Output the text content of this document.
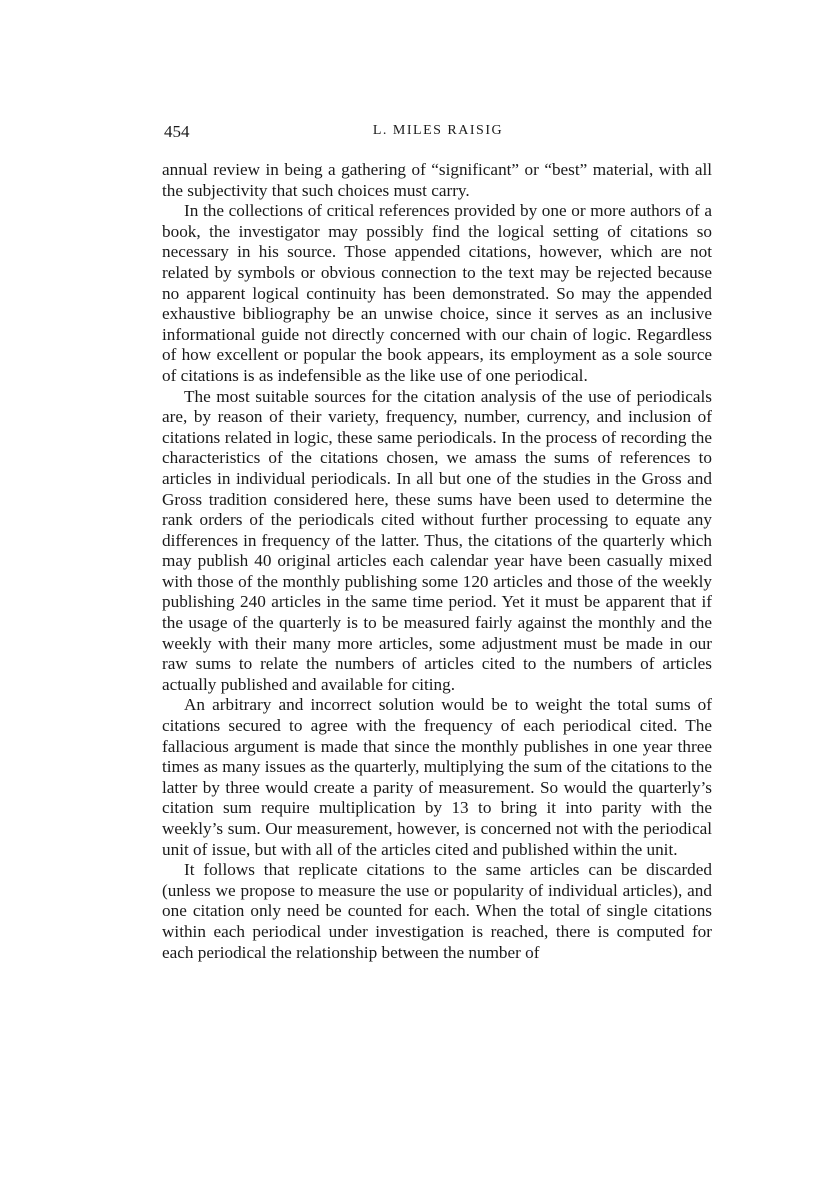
454	L. MILES RAISIG

annual review in being a gathering of “significant” or “best” material, with all the subjectivity that such choices must carry.

In the collections of critical references provided by one or more authors of a book, the investigator may possibly find the logical setting of citations so necessary in his source. Those appended citations, however, which are not related by symbols or obvious connection to the text may be rejected because no apparent logical continuity has been demonstrated. So may the appended exhaustive bibliography be an unwise choice, since it serves as an inclusive informational guide not directly concerned with our chain of logic. Regardless of how excellent or popular the book appears, its employment as a sole source of citations is as indefensible as the like use of one periodical.

The most suitable sources for the citation analysis of the use of periodicals are, by reason of their variety, frequency, number, currency, and inclusion of citations related in logic, these same periodicals. In the process of recording the characteristics of the citations chosen, we amass the sums of references to articles in individual periodicals. In all but one of the studies in the Gross and Gross tradition considered here, these sums have been used to determine the rank orders of the periodicals cited without further processing to equate any differences in frequency of the latter. Thus, the citations of the quarterly which may publish 40 original articles each calendar year have been casually mixed with those of the monthly publishing some 120 articles and those of the weekly publishing 240 articles in the same time period. Yet it must be apparent that if the usage of the quarterly is to be measured fairly against the monthly and the weekly with their many more articles, some adjustment must be made in our raw sums to relate the numbers of articles cited to the numbers of articles actually published and available for citing.

An arbitrary and incorrect solution would be to weight the total sums of citations secured to agree with the frequency of each periodical cited. The fallacious argument is made that since the monthly publishes in one year three times as many issues as the quarterly, multiplying the sum of the citations to the latter by three would create a parity of measurement. So would the quarterly’s citation sum require multiplication by 13 to bring it into parity with the weekly’s sum. Our measurement, however, is concerned not with the periodical unit of issue, but with all of the articles cited and published within the unit.

It follows that replicate citations to the same articles can be discarded (unless we propose to measure the use or popularity of individual articles), and one citation only need be counted for each. When the total of single citations within each periodical under investigation is reached, there is computed for each periodical the relationship between the number of
